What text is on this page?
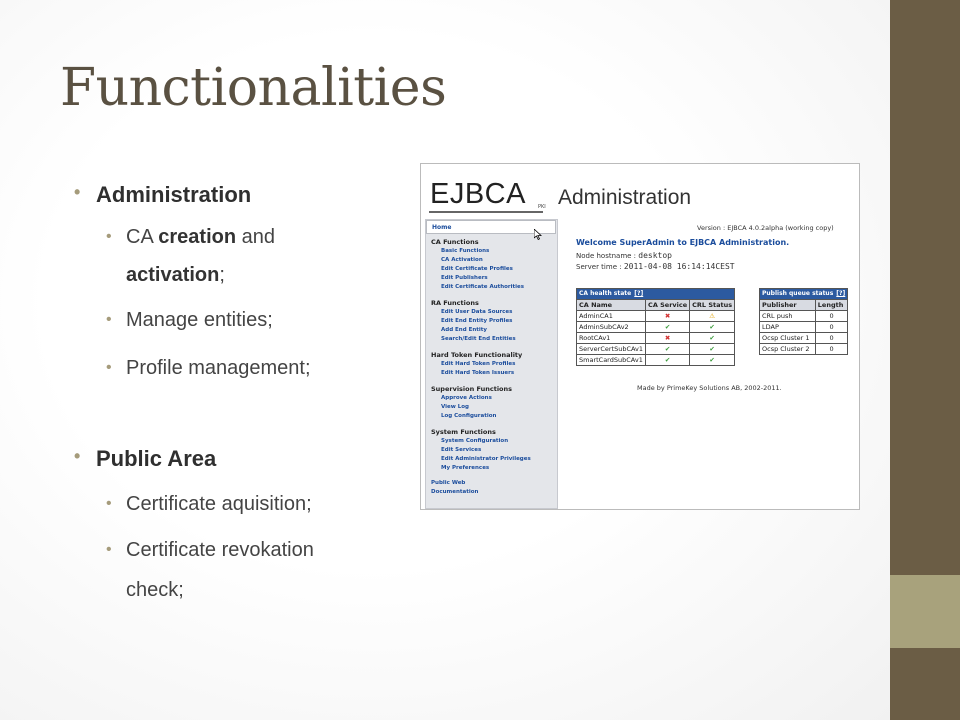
Functionalities
• Administration
• CA creation and
activation;
• Manage entities;
• Profile management;
• Public Area
• Certificate aquisition;
• Certificate revokation
check;
EJBCA PKI Administration
Home
CA Functions
Basic Functions
CA Activation
Edit Certificate Profiles
Edit Publishers
Edit Certificate Authorities
RA Functions
Edit User Data Sources
Edit End Entity Profiles
Add End Entity
Search/Edit End Entities
Hard Token Functionality
Edit Hard Token Profiles
Edit Hard Token Issuers
Supervision Functions
Approve Actions
View Log
Log Configuration
System Functions
System Configuration
Edit Services
Edit Administrator Privileges
My Preferences
Public Web
Documentation
Version : EJBCA 4.0.2alpha (working copy)
Welcome SuperAdmin to EJBCA Administration.
Node hostname : desktop
Server time : 2011-04-08 16:14:14CEST
CA health state [?]		
CA Name	CA Service	CRL Status
AdminCA1	✖	⚠
AdminSubCAv2	✔	✔
RootCAv1	✖	✔
ServerCertSubCAv1	✔	✔
SmartCardSubCAv1	✔	✔
Publish queue status [?]	
Publisher	Length
CRL push	0
LDAP	0
Ocsp Cluster 1	0
Ocsp Cluster 2	0
Made by PrimeKey Solutions AB, 2002-2011.
